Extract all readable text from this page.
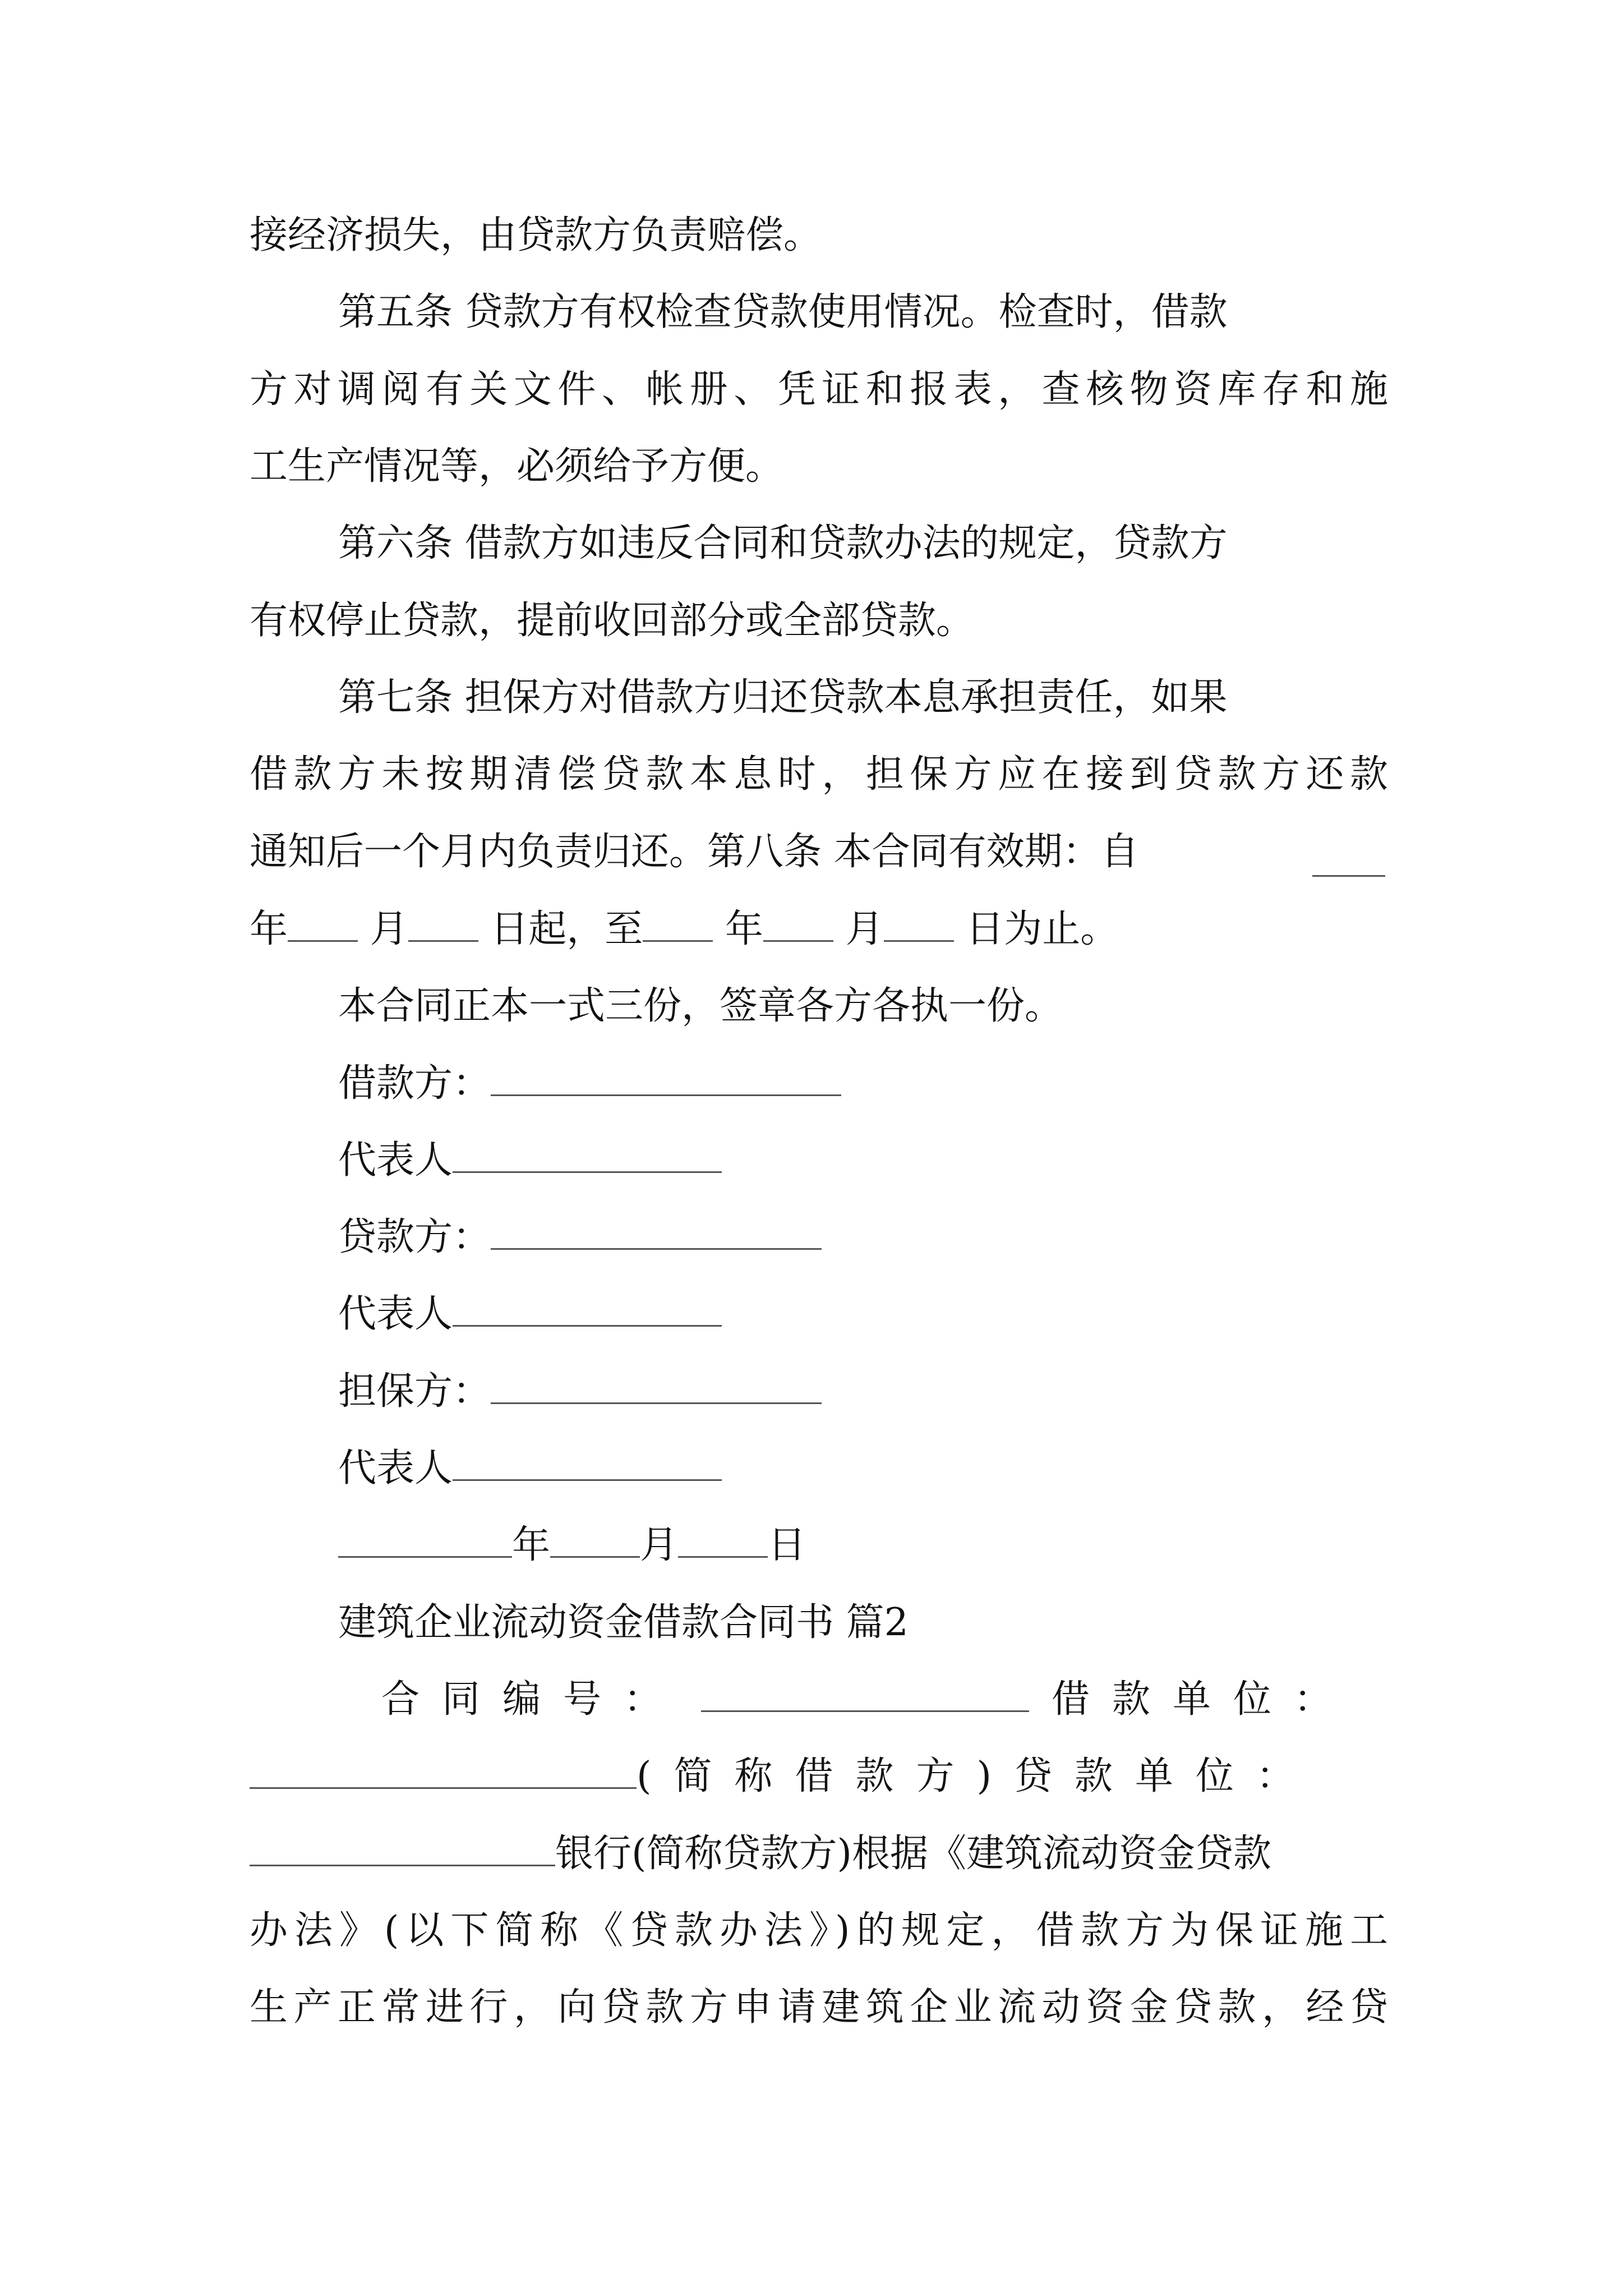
接经济损失，由贷款方负责赔偿。
第五条 贷款方有权检查贷款使用情况。检查时，借款
方对调阅有关文件、帐册、凭证和报表，查核物资库存和施
工生产情况等，必须给予方便。
第六条 借款方如违反合同和贷款办法的规定，贷款方
有权停止贷款，提前收回部分或全部贷款。
第七条 担保方对借款方归还贷款本息承担责任，如果
借款方未按期清偿贷款本息时，担保方应在接到贷款方还款
通知后一个月内负责归还。第八条 本合同有效期：自
年 月 日起，至 年 月 日为止。
本合同正本一式三份，签章各方各执一份。
借款方：
代表人
贷款方：
代表人
担保方：
代表人
年 月 日
建筑企业流动资金借款合同书 篇2
合同编号：	借款单位：
(简称借款方)贷款单位：
银行(简称贷款方)根据《建筑流动资金贷款
办法》(以下简称《贷款办法》)的规定，借款方为保证施工
生产正常进行，向贷款方申请建筑企业流动资金贷款，经贷
